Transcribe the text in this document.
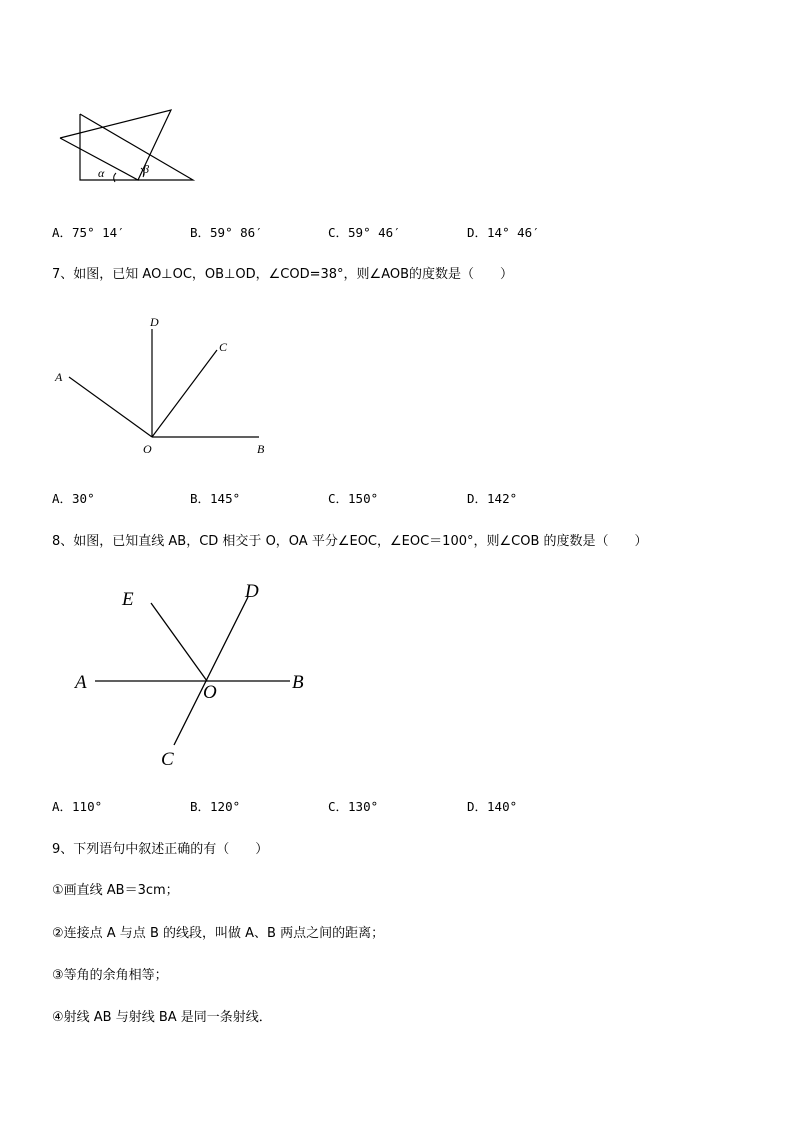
α	β
A．75° 14′	B．59° 86′	C．59° 46′	D．14° 46′
7、如图，已知 AO⊥OC，OB⊥OD，∠COD=38°，则∠AOB的度数是（　　）
D
C
A
O	B
A．30°	B．145°	C．150°	D．142°
8、如图，已知直线 AB，CD 相交于 O，OA 平分∠EOC，∠EOC＝100°，则∠COB 的度数是（　　）
A	B
C
D
E
O
A．110°	B．120°	C．130°	D．140°
9、下列语句中叙述正确的有（　　）
①画直线 AB＝3cm；
②连接点 A 与点 B 的线段，叫做 A、B 两点之间的距离；
③等角的余角相等；
④射线 AB 与射线 BA 是同一条射线．
